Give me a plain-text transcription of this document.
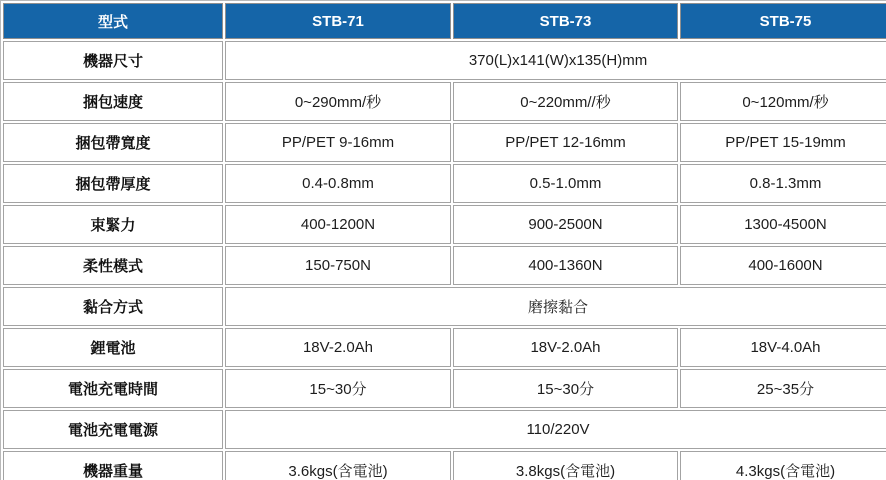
型式	STB-71	STB-73	STB-75
機器尺寸	370(L)x141(W)x135(H)mm		
捆包速度	0~290mm/秒	0~220mm//秒	0~120mm/秒
捆包帶寬度	PP/PET 9-16mm	PP/PET 12-16mm	PP/PET 15-19mm
捆包帶厚度	0.4-0.8mm	0.5-1.0mm	0.8-1.3mm
束緊力	400-1200N	900-2500N	1300-4500N
柔性模式	150-750N	400-1360N	400-1600N
黏合方式	磨擦黏合		
鋰電池	18V-2.0Ah	18V-2.0Ah	18V-4.0Ah
電池充電時間	15~30分	15~30分	25~35分
電池充電電源	110/220V		
機器重量	3.6kgs(含電池)	3.8kgs(含電池)	4.3kgs(含電池)
